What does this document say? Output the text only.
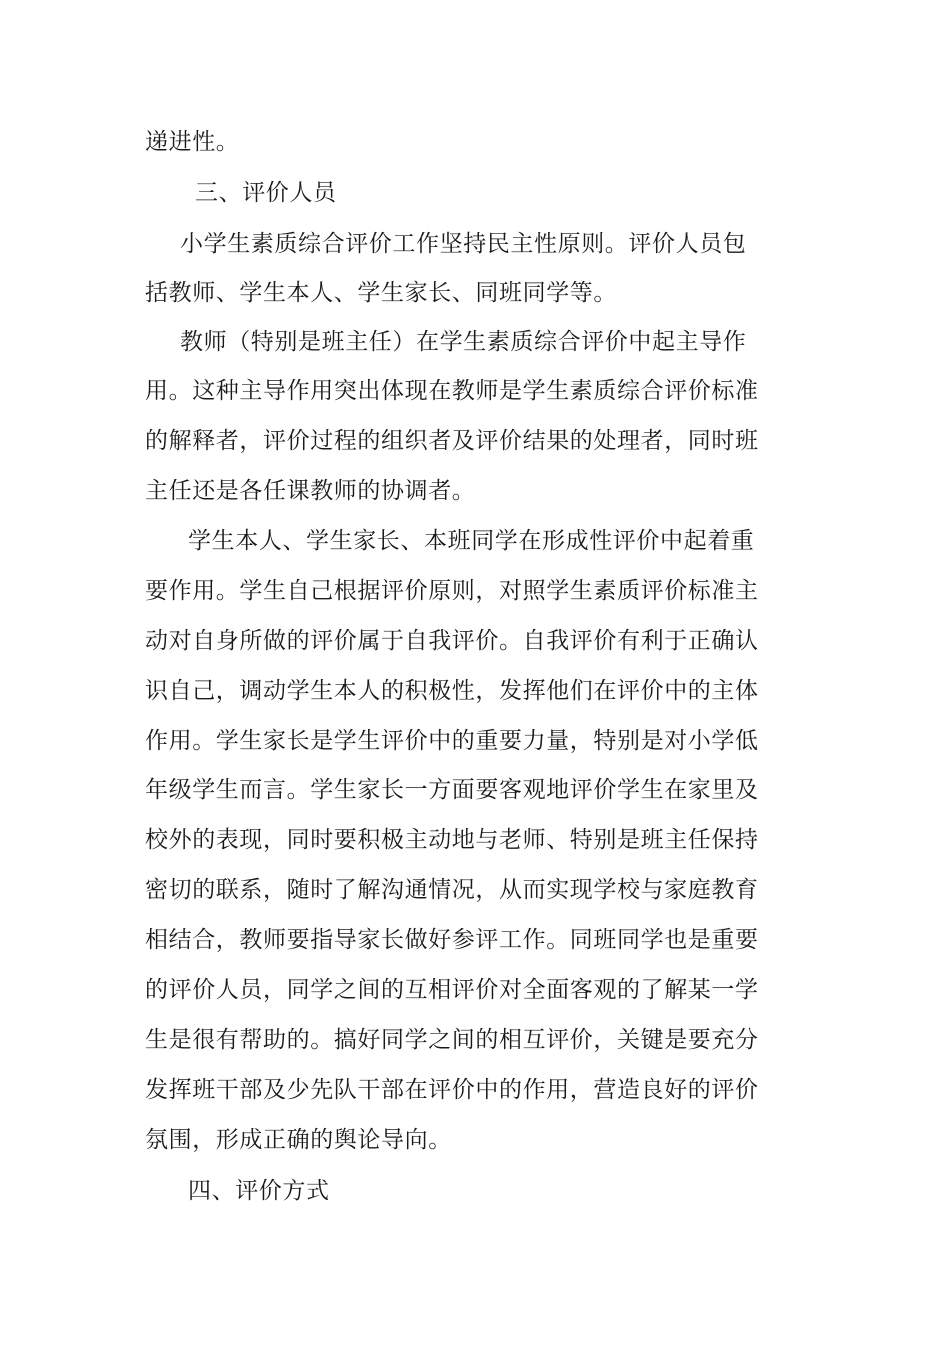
递进性。
三、评价人员
小学生素质综合评价工作坚持民主性原则。评价人员包
括教师、学生本人、学生家长、同班同学等。
教师（特别是班主任）在学生素质综合评价中起主导作
用。这种主导作用突出体现在教师是学生素质综合评价标准
的解释者，评价过程的组织者及评价结果的处理者，同时班
主任还是各任课教师的协调者。
学生本人、学生家长、本班同学在形成性评价中起着重
要作用。学生自己根据评价原则，对照学生素质评价标准主
动对自身所做的评价属于自我评价。自我评价有利于正确认
识自己，调动学生本人的积极性，发挥他们在评价中的主体
作用。学生家长是学生评价中的重要力量，特别是对小学低
年级学生而言。学生家长一方面要客观地评价学生在家里及
校外的表现，同时要积极主动地与老师、特别是班主任保持
密切的联系，随时了解沟通情况，从而实现学校与家庭教育
相结合，教师要指导家长做好参评工作。同班同学也是重要
的评价人员，同学之间的互相评价对全面客观的了解某一学
生是很有帮助的。搞好同学之间的相互评价，关键是要充分
发挥班干部及少先队干部在评价中的作用，营造良好的评价
氛围，形成正确的舆论导向。
四、评价方式
